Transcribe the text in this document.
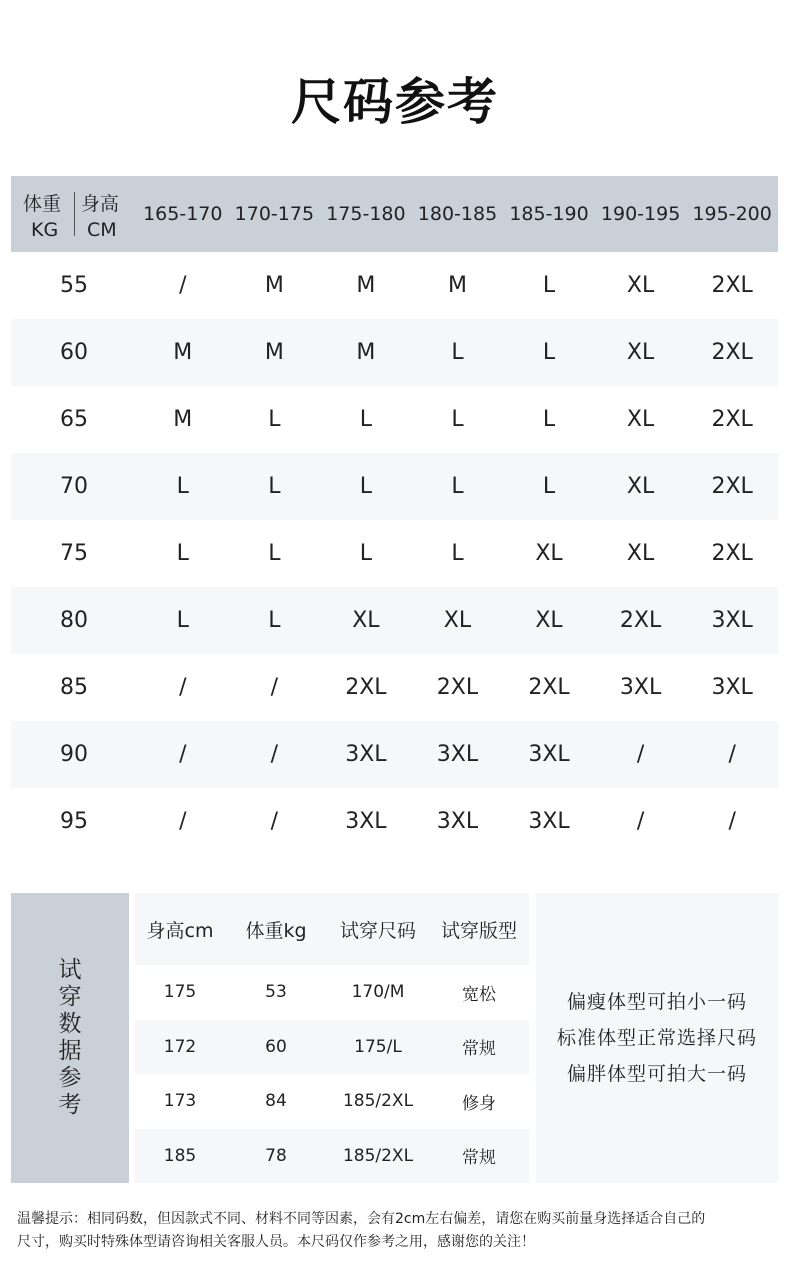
尺码参考
体重
KG
身高
CM
165-170 170-175 175-180 180-185 185-190 190-195 195-200
55	/	M	M	M	L	XL	2XL
60	M	M	M	L	L	XL	2XL
65	M	L	L	L	L	XL	2XL
70	L	L	L	L	L	XL	2XL
75	L	L	L	L	XL	XL	2XL
80	L	L	XL	XL	XL	2XL	3XL
85	/	/	2XL	2XL	2XL	3XL	3XL
90	/	/	3XL	3XL	3XL	/	/
95	/	/	3XL	3XL	3XL	/	/
试穿数据参考
身高cm	体重kg	试穿尺码	试穿版型
175	53	170/M	宽松
172	60	175/L	常规
173	84	185/2XL	修身
185	78	185/2XL	常规
偏瘦体型可拍小一码
标准体型正常选择尺码
偏胖体型可拍大一码
温馨提示：相同码数，但因款式不同、材料不同等因素，会有2cm左右偏差，请您在购买前量身选择适合自己的
尺寸，购买时特殊体型请咨询相关客服人员。本尺码仅作参考之用，感谢您的关注！
